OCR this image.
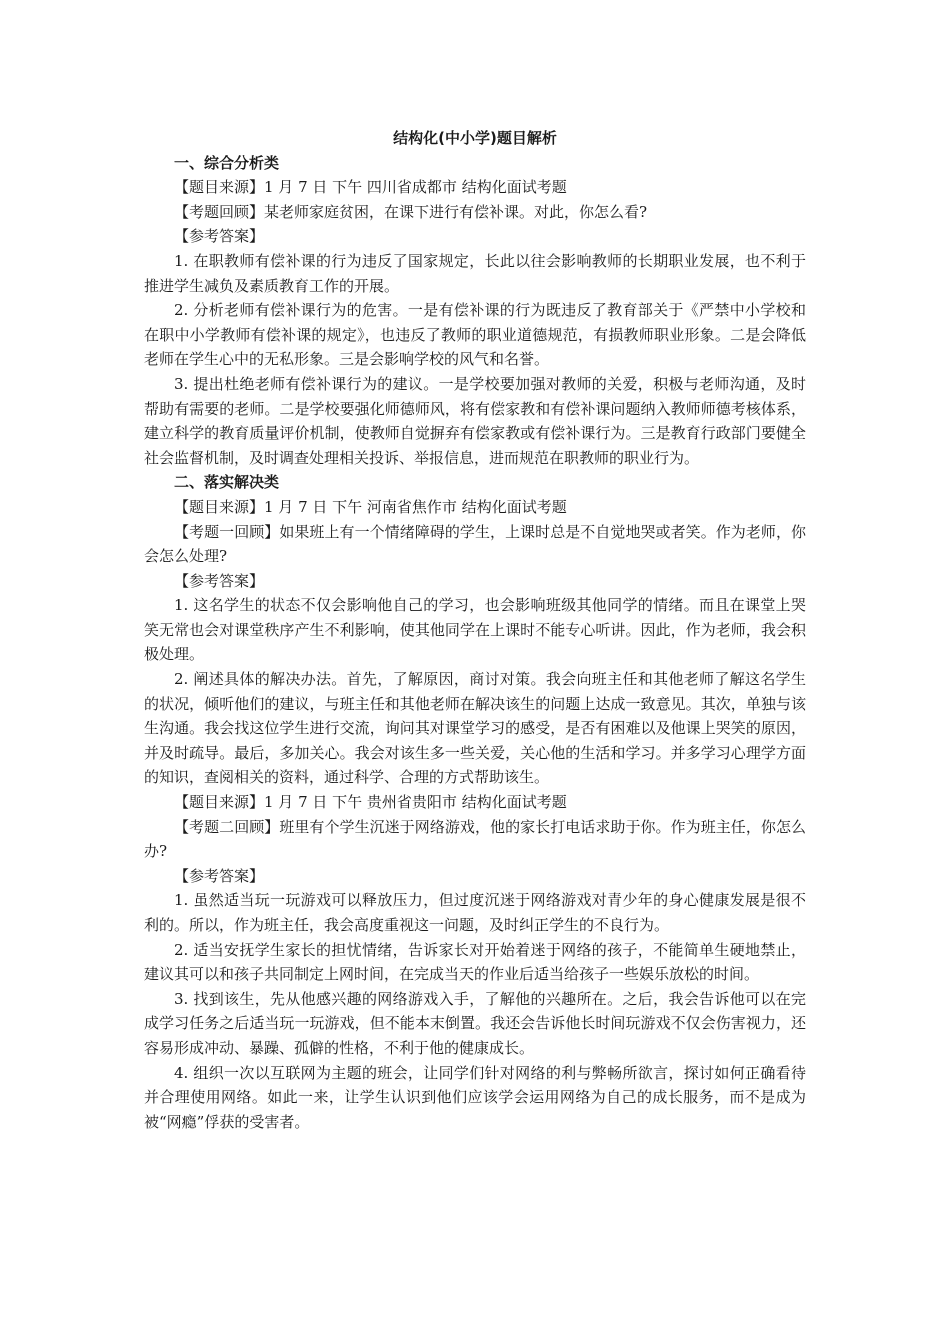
结构化(中小学)题目解析
一、综合分析类

【题目来源】1 月 7 日 下午 四川省成都市 结构化面试考题

【考题回顾】某老师家庭贫困，在课下进行有偿补课。对此，你怎么看?

【参考答案】

1. 在职教师有偿补课的行为违反了国家规定，长此以往会影响教师的长期职业发展，也不利于推进学生减负及素质教育工作的开展。

2. 分析老师有偿补课行为的危害。一是有偿补课的行为既违反了教育部关于《严禁中小学校和在职中小学教师有偿补课的规定》，也违反了教师的职业道德规范，有损教师职业形象。二是会降低老师在学生心中的无私形象。三是会影响学校的风气和名誉。

3. 提出杜绝老师有偿补课行为的建议。一是学校要加强对教师的关爱，积极与老师沟通，及时帮助有需要的老师。二是学校要强化师德师风，将有偿家教和有偿补课问题纳入教师师德考核体系，建立科学的教育质量评价机制，使教师自觉摒弃有偿家教或有偿补课行为。三是教育行政部门要健全社会监督机制，及时调查处理相关投诉、举报信息，进而规范在职教师的职业行为。

二、落实解决类

【题目来源】1 月 7 日 下午 河南省焦作市 结构化面试考题

【考题一回顾】如果班上有一个情绪障碍的学生，上课时总是不自觉地哭或者笑。作为老师，你会怎么处理?

【参考答案】

1. 这名学生的状态不仅会影响他自己的学习，也会影响班级其他同学的情绪。而且在课堂上哭笑无常也会对课堂秩序产生不利影响，使其他同学在上课时不能专心听讲。因此，作为老师，我会积极处理。

2. 阐述具体的解决办法。首先，了解原因，商讨对策。我会向班主任和其他老师了解这名学生的状况，倾听他们的建议，与班主任和其他老师在解决该生的问题上达成一致意见。其次，单独与该生沟通。我会找这位学生进行交流，询问其对课堂学习的感受，是否有困难以及他课上哭笑的原因，并及时疏导。最后，多加关心。我会对该生多一些关爱，关心他的生活和学习。并多学习心理学方面的知识，查阅相关的资料，通过科学、合理的方式帮助该生。

【题目来源】1 月 7 日 下午 贵州省贵阳市 结构化面试考题

【考题二回顾】班里有个学生沉迷于网络游戏，他的家长打电话求助于你。作为班主任，你怎么办?

【参考答案】

1. 虽然适当玩一玩游戏可以释放压力，但过度沉迷于网络游戏对青少年的身心健康发展是很不利的。所以，作为班主任，我会高度重视这一问题，及时纠正学生的不良行为。

2. 适当安抚学生家长的担忧情绪，告诉家长对开始着迷于网络的孩子，不能简单生硬地禁止，建议其可以和孩子共同制定上网时间，在完成当天的作业后适当给孩子一些娱乐放松的时间。

3. 找到该生，先从他感兴趣的网络游戏入手，了解他的兴趣所在。之后，我会告诉他可以在完成学习任务之后适当玩一玩游戏，但不能本末倒置。我还会告诉他长时间玩游戏不仅会伤害视力，还容易形成冲动、暴躁、孤僻的性格，不利于他的健康成长。

4. 组织一次以互联网为主题的班会，让同学们针对网络的利与弊畅所欲言，探讨如何正确看待并合理使用网络。如此一来，让学生认识到他们应该学会运用网络为自己的成长服务，而不是成为被“网瘾”俘获的受害者。
